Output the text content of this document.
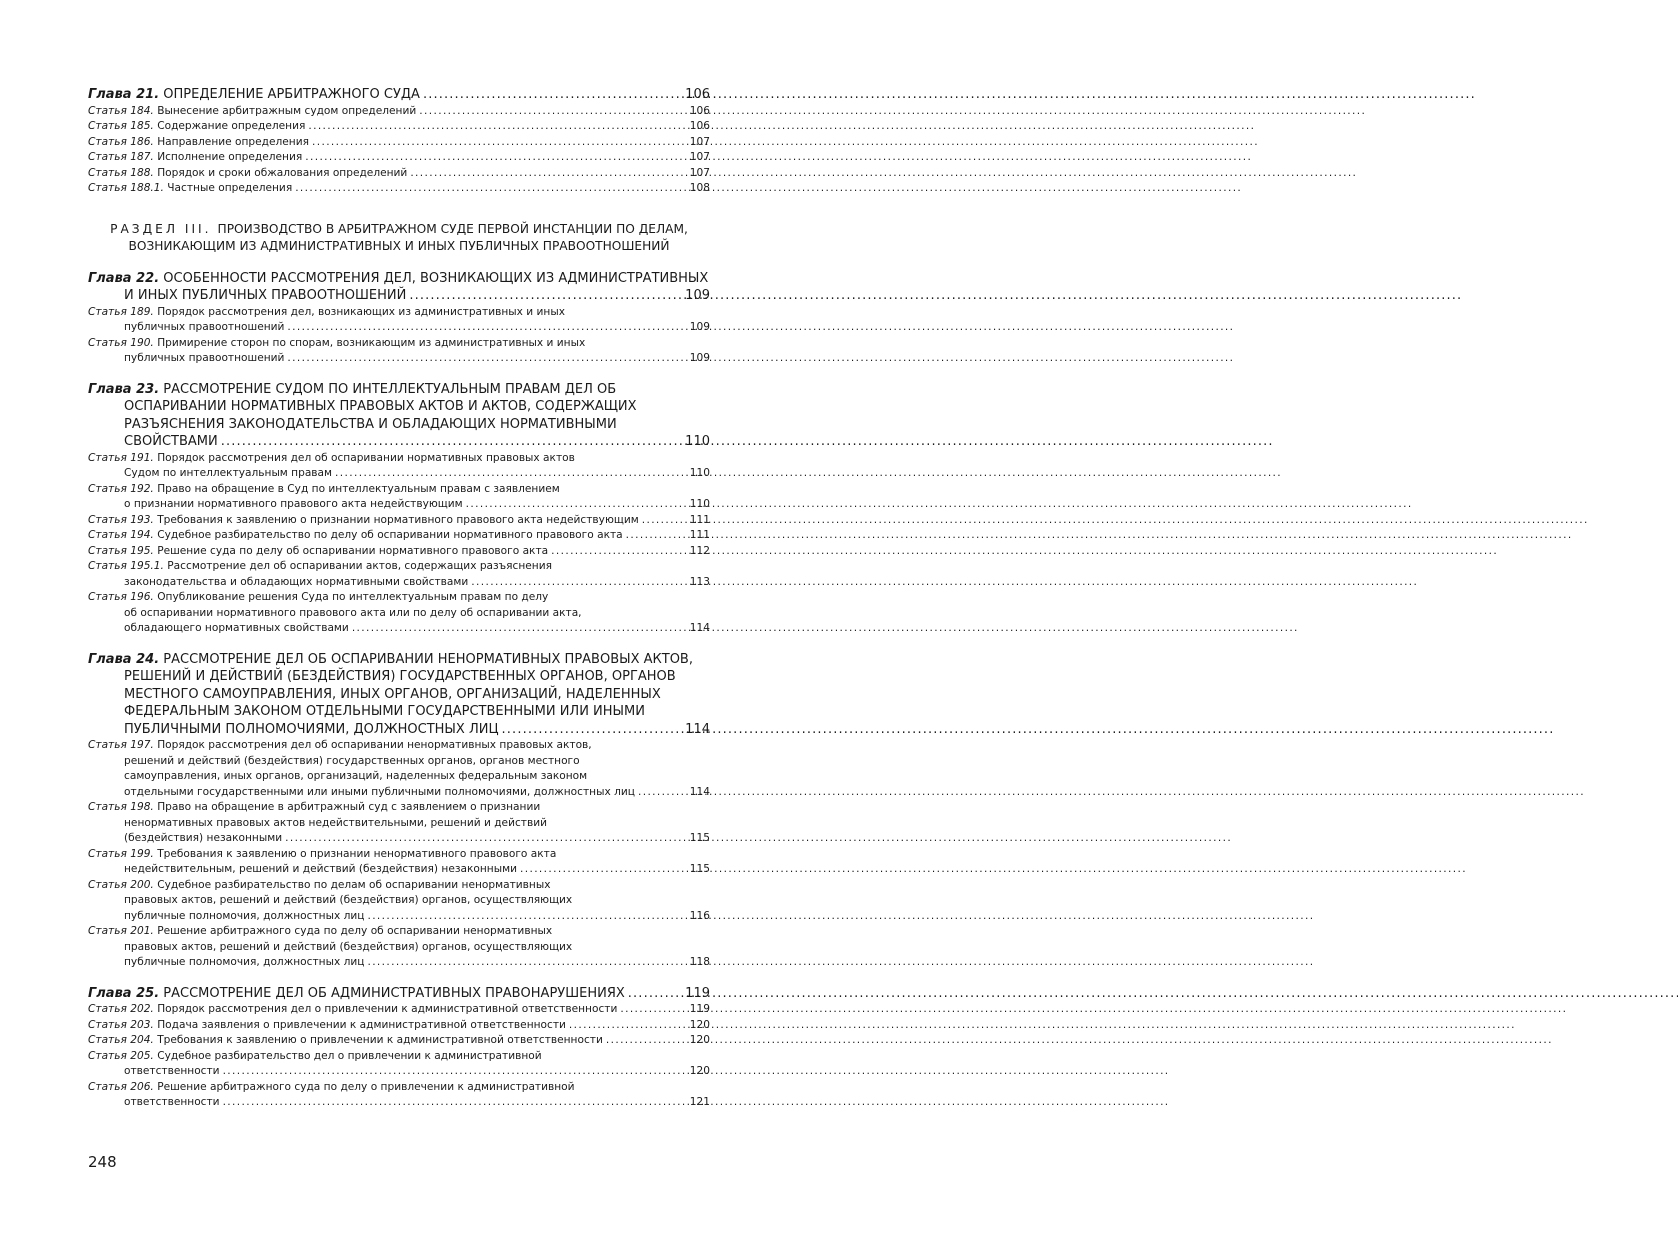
Глава 21. ОПРЕДЕЛЕНИЕ АРБИТРАЖНОГО СУДА . . .	106
Статья 184. Вынесение арбитражным судом определений . . .	106
Статья 185. Содержание определения . . .	106
Статья 186. Направление определения . . .	107
Статья 187. Исполнение определения . . .	107
Статья 188. Порядок и сроки обжалования определений . . .	107
Статья 188.1. Частные определения . . .	108
РАЗДЕЛ III. ПРОИЗВОДСТВО В АРБИТРАЖНОМ СУДЕ ПЕРВОЙ ИНСТАНЦИИ ПО ДЕЛАМ,
ВОЗНИКАЮЩИМ ИЗ АДМИНИСТРАТИВНЫХ И ИНЫХ ПУБЛИЧНЫХ ПРАВООТНОШЕНИЙ
Глава 22. ОСОБЕННОСТИ РАССМОТРЕНИЯ ДЕЛ, ВОЗНИКАЮЩИХ ИЗ АДМИНИСТРАТИВНЫХ
И ИНЫХ ПУБЛИЧНЫХ ПРАВООТНОШЕНИЙ . . .	109
Статья 189. Порядок рассмотрения дел, возникающих из административных и иных
публичных правоотношений . . .	109
Статья 190. Примирение сторон по спорам, возникающим из административных и иных
публичных правоотношений . . .	109
Глава 23. РАССМОТРЕНИЕ СУДОМ ПО ИНТЕЛЛЕКТУАЛЬНЫМ ПРАВАМ ДЕЛ ОБ
ОСПАРИВАНИИ НОРМАТИВНЫХ ПРАВОВЫХ АКТОВ И АКТОВ, СОДЕРЖАЩИХ
РАЗЪЯСНЕНИЯ ЗАКОНОДАТЕЛЬСТВА И ОБЛАДАЮЩИХ НОРМАТИВНЫМИ
СВОЙСТВАМИ . . .	110
Статья 191. Порядок рассмотрения дел об оспаривании нормативных правовых актов
Судом по интеллектуальным правам . . .	110
Статья 192. Право на обращение в Суд по интеллектуальным правам с заявлением
о признании нормативного правового акта недействующим . . .	110
Статья 193. Требования к заявлению о признании нормативного правового акта недействующим . . .	111
Статья 194. Судебное разбирательство по делу об оспаривании нормативного правового акта . . .	111
Статья 195. Решение суда по делу об оспаривании нормативного правового акта . . .	112
Статья 195.1. Рассмотрение дел об оспаривании актов, содержащих разъяснения
законодательства и обладающих нормативными свойствами . . .	113
Статья 196. Опубликование решения Суда по интеллектуальным правам по делу
об оспаривании нормативного правового акта или по делу об оспаривании акта,
обладающего нормативных свойствами . . .	114
Глава 24. РАССМОТРЕНИЕ ДЕЛ ОБ ОСПАРИВАНИИ НЕНОРМАТИВНЫХ ПРАВОВЫХ АКТОВ,
РЕШЕНИЙ И ДЕЙСТВИЙ (БЕЗДЕЙСТВИЯ) ГОСУДАРСТВЕННЫХ ОРГАНОВ, ОРГАНОВ
МЕСТНОГО САМОУПРАВЛЕНИЯ, ИНЫХ ОРГАНОВ, ОРГАНИЗАЦИЙ, НАДЕЛЕННЫХ
ФЕДЕРАЛЬНЫМ ЗАКОНОМ ОТДЕЛЬНЫМИ ГОСУДАРСТВЕННЫМИ ИЛИ ИНЫМИ
ПУБЛИЧНЫМИ ПОЛНОМОЧИЯМИ, ДОЛЖНОСТНЫХ ЛИЦ . . .	114
Статья 197. Порядок рассмотрения дел об оспаривании ненормативных правовых актов,
решений и действий (бездействия) государственных органов, органов местного
самоуправления, иных органов, организаций, наделенных федеральным законом
отдельными государственными или иными публичными полномочиями, должностных лиц . . .	114
Статья 198. Право на обращение в арбитражный суд с заявлением о признании
ненормативных правовых актов недействительными, решений и действий
(бездействия) незаконными . . .	115
Статья 199. Требования к заявлению о признании ненормативного правового акта
недействительным, решений и действий (бездействия) незаконными . . .	115
Статья 200. Судебное разбирательство по делам об оспаривании ненормативных
правовых актов, решений и действий (бездействия) органов, осуществляющих
публичные полномочия, должностных лиц . . .	116
Статья 201. Решение арбитражного суда по делу об оспаривании ненормативных
правовых актов, решений и действий (бездействия) органов, осуществляющих
публичные полномочия, должностных лиц . . .	118
Глава 25. РАССМОТРЕНИЕ ДЕЛ ОБ АДМИНИСТРАТИВНЫХ ПРАВОНАРУШЕНИЯХ . . .	119
Статья 202. Порядок рассмотрения дел о привлечении к административной ответственности . . .	119
Статья 203. Подача заявления о привлечении к административной ответственности . . .	120
Статья 204. Требования к заявлению о привлечении к административной ответственности . . .	120
Статья 205. Судебное разбирательство дел о привлечении к административной
ответственности . . .	120
Статья 206. Решение арбитражного суда по делу о привлечении к административной
ответственности . . .	121
248
